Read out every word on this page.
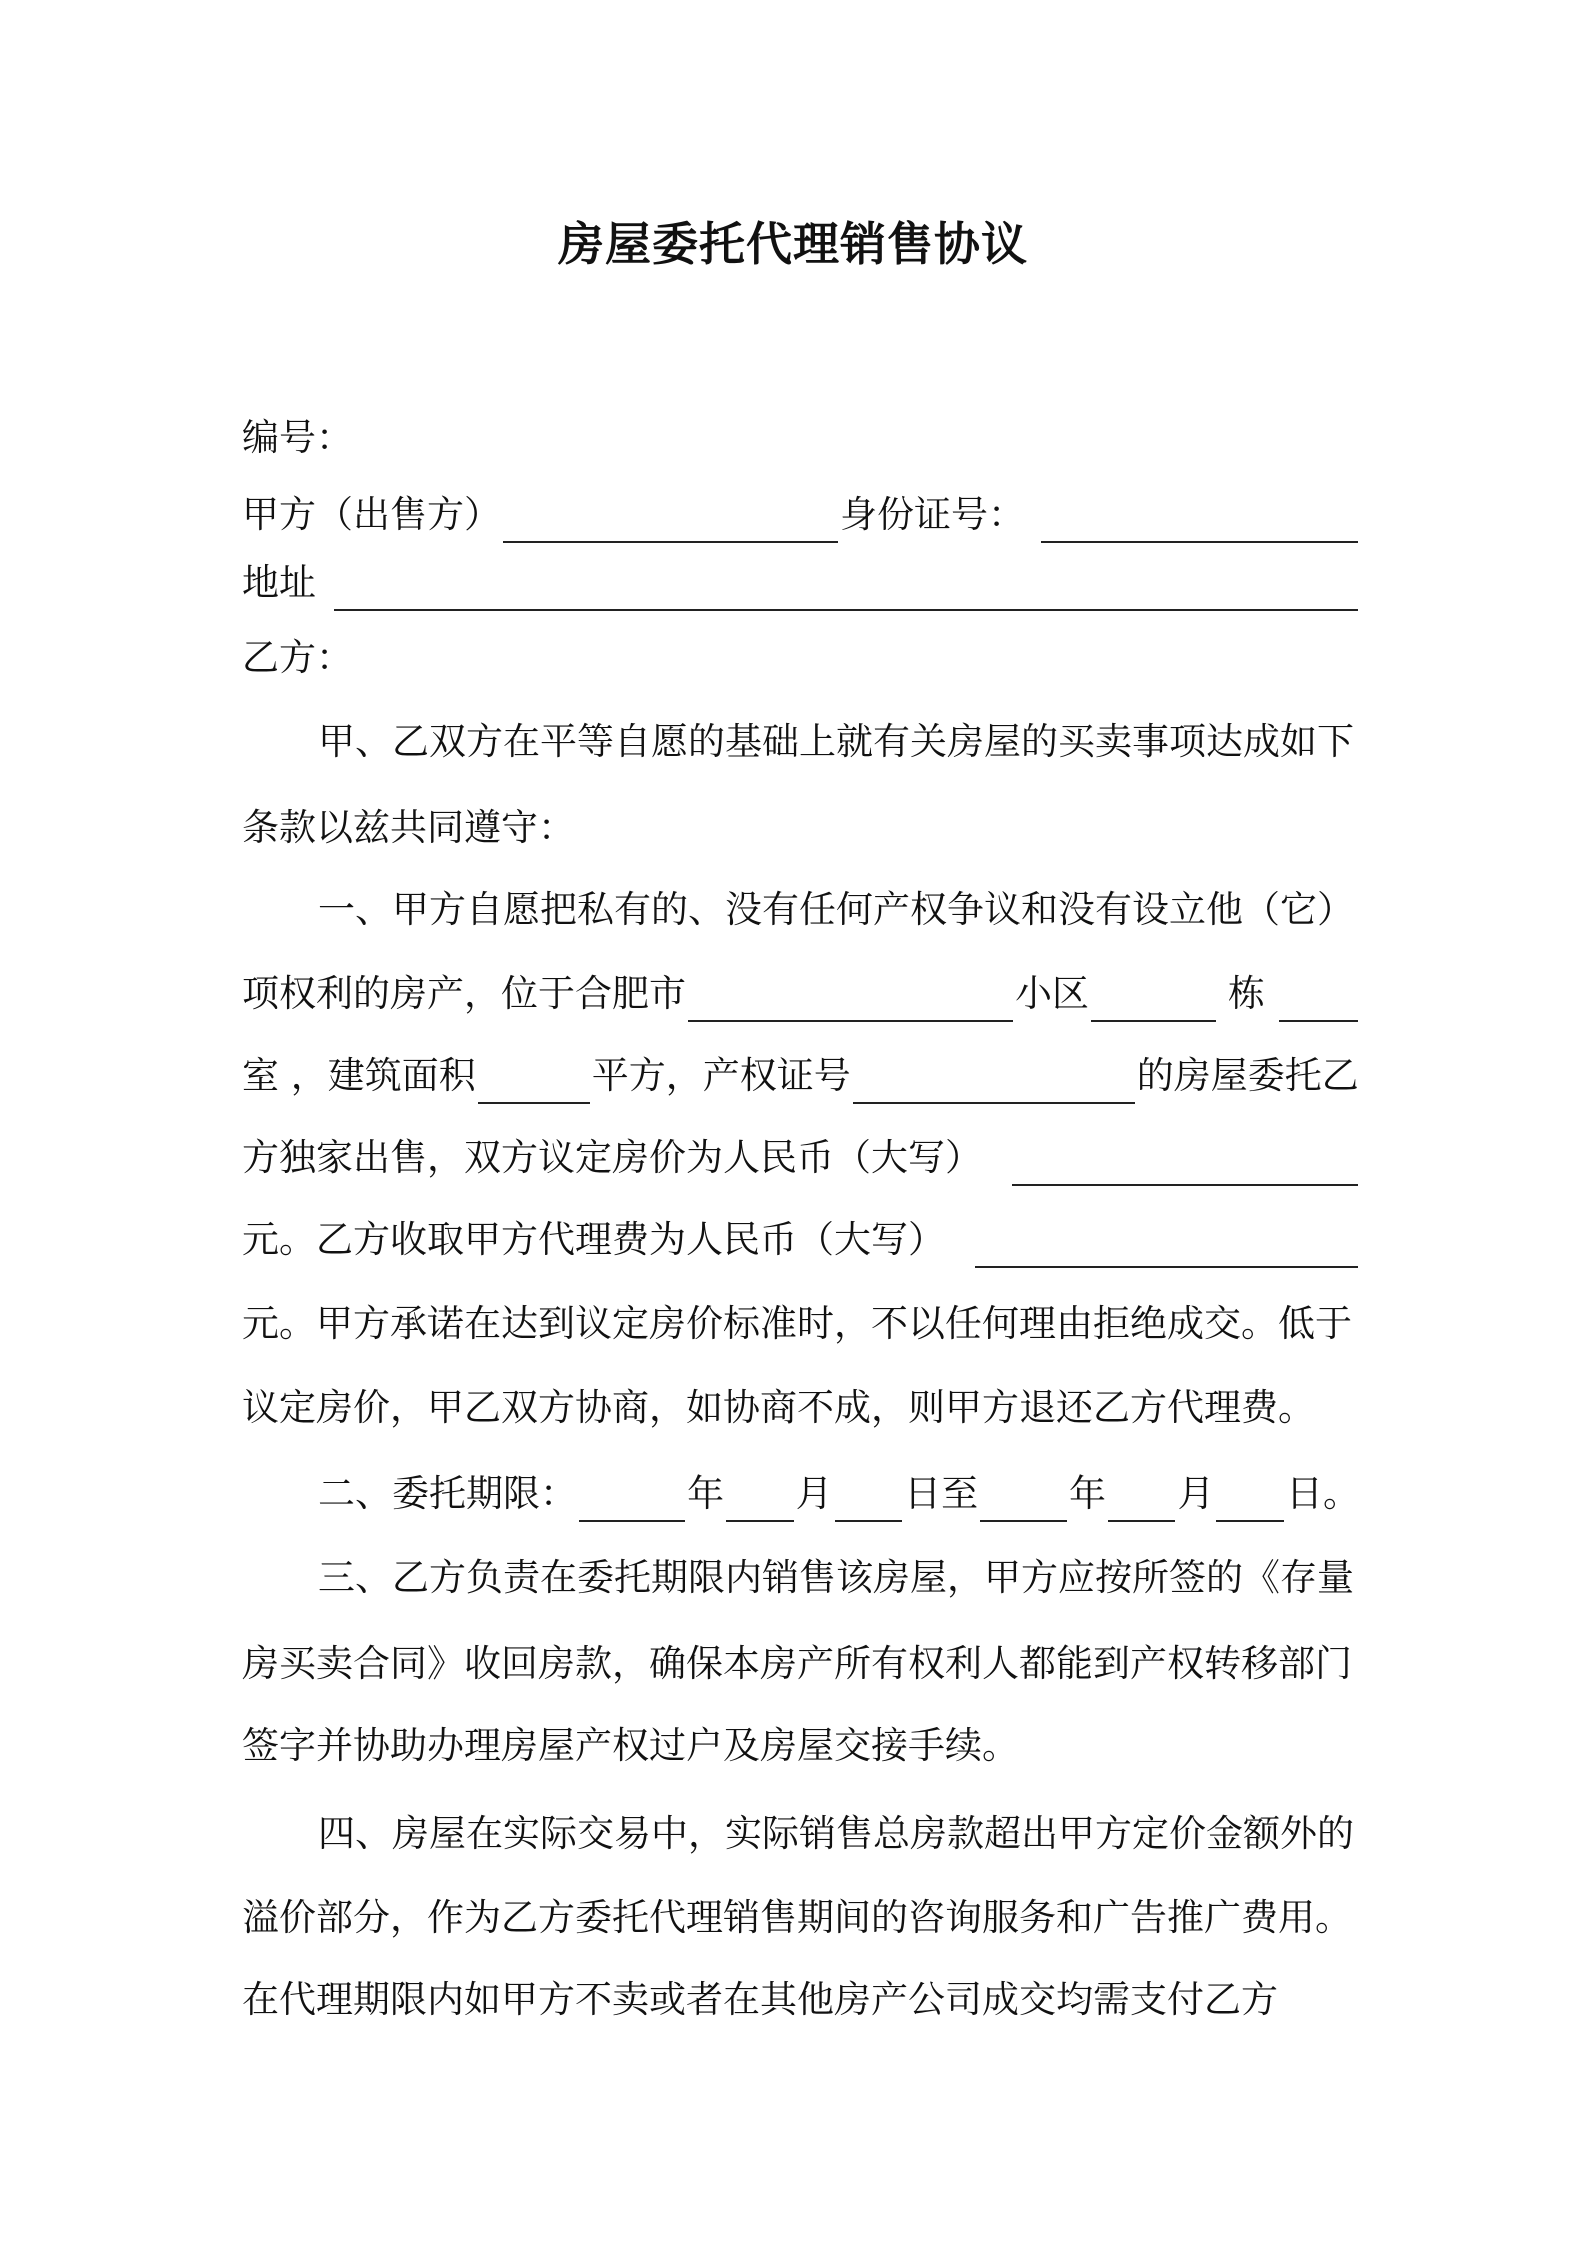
房屋委托代理销售协议
编号：
甲方（出售方）	身份证号：
地址
乙方：
甲、乙双方在平等自愿的基础上就有关房屋的买卖事项达成如下
条款以兹共同遵守：
一、甲方自愿把私有的、没有任何产权争议和没有设立他（它）
项权利的房产，位于合肥市	小区	栋
室 ，建筑面积	平方，产权证号	的房屋委托乙
方独家出售，双方议定房价为人民币（大写）
元。乙方收取甲方代理费为人民币（大写）
元。甲方承诺在达到议定房价标准时，不以任何理由拒绝成交。低于
议定房价，甲乙双方协商，如协商不成，则甲方退还乙方代理费。
二、委托期限：	年 月 日至 年 月 日。
三、乙方负责在委托期限内销售该房屋，甲方应按所签的《存量
房买卖合同》收回房款，确保本房产所有权利人都能到产权转移部门
签字并协助办理房屋产权过户及房屋交接手续。
四、房屋在实际交易中，实际销售总房款超出甲方定价金额外的
溢价部分，作为乙方委托代理销售期间的咨询服务和广告推广费用。
在代理期限内如甲方不卖或者在其他房产公司成交均需支付乙方
